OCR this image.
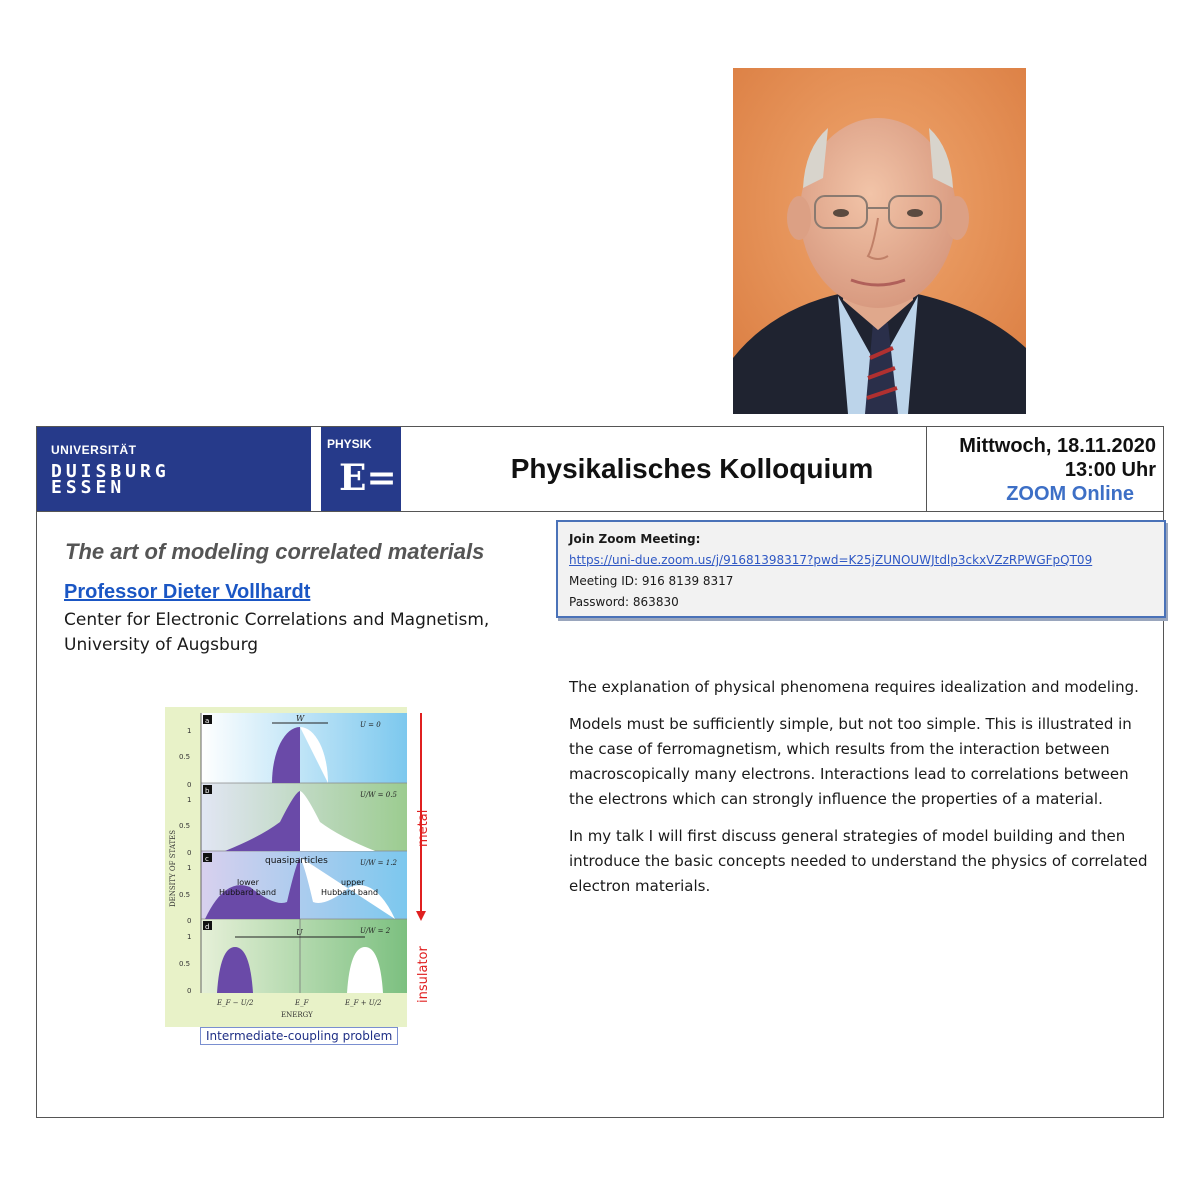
UNIVERSITÄT
DUISBURG
ESSEN
PHYSIK
E=	Physikalisches Kolloquium
Mittwoch, 18.11.2020
13:00 Uhr
ZOOM Online
The art of modeling correlated materials
Professor Dieter Vollhardt
Center for Electronic Correlations and Magnetism, University of Augsburg
Join Zoom Meeting:
https://uni-due.zoom.us/j/91681398317?pwd=K25jZUNOUWJtdlp3ckxVZzRPWGFpQT09
Meeting ID: 916 8139 8317
Password: 863830

The explanation of physical phenomena requires idealization and modeling.

Models must be sufficiently simple, but not too simple. This is illustrated in the case of ferromagnetism, which results from the interaction between macroscopically many electrons. Interactions lead to correlations between the electrons which can strongly influence the properties of a material.

In my talk I will first discuss general strategies of model building and then introduce the basic concepts needed to understand the physics of correlated electron materials.

W
U
a
b
c
d
U = 0
U/W = 0.5
U/W = 1.2
U/W = 2
quasiparticles
lower
Hubbard band
upper
Hubbard band
1
0.5
0
1
0.5
0
1
0.5
0
1
0.5
0
DENSITY OF STATES
E_F − U/2	E_F	E_F + U/2
ENERGY
metal
insulator
Intermediate-coupling problem
